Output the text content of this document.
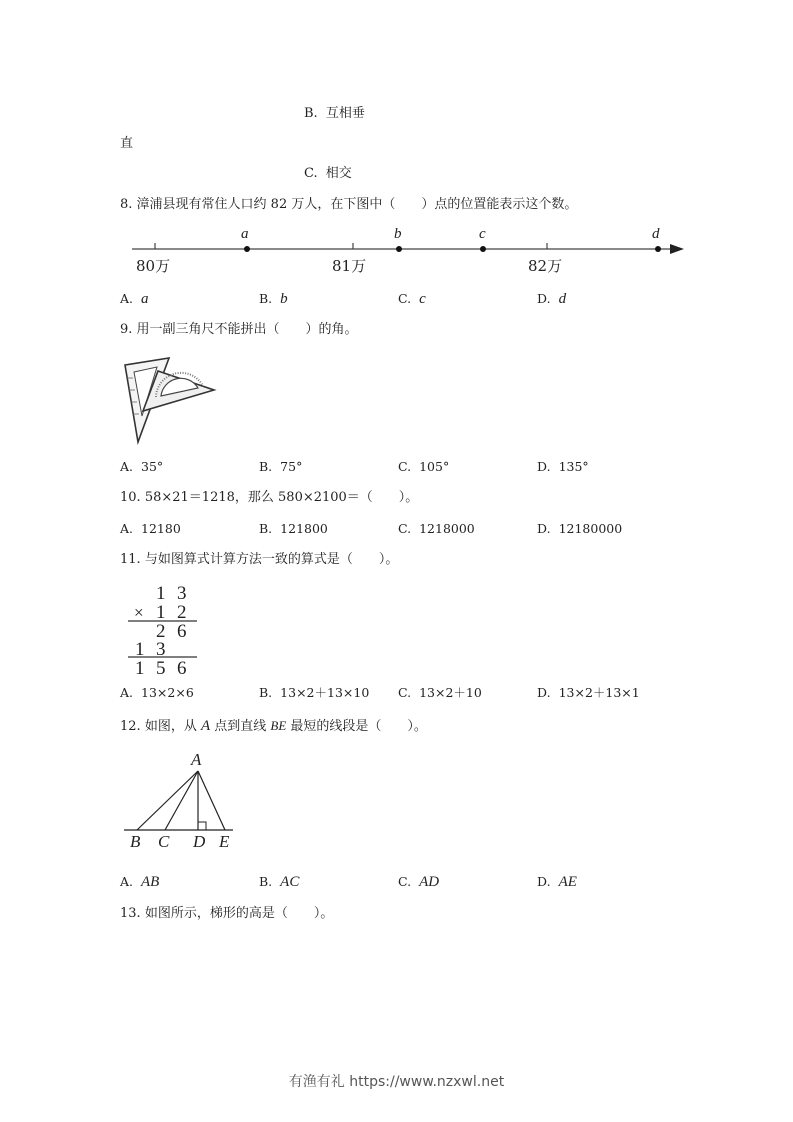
B. 互相垂
直
C. 相交
8. 漳浦县现有常住人口约 82 万人，在下图中（　　）点的位置能表示这个数。
a	b	c	d
80万	81万	82万
A. a	B. b	C. c	D. d
9. 用一副三角尺不能拼出（　　）的角。
A. 35°	B. 75°	C. 105°	D. 135°
10. 58×21＝1218，那么 580×2100＝（　　）。
A. 12180	B. 121800	C. 1218000	D. 12180000
11. 与如图算式计算方法一致的算式是（　　）。
1 3
× 1 2
2 6
1 3
1 5 6
A. 13×2×6	B. 13×2＋13×10 C. 13×2＋10	D. 13×2＋13×1
12. 如图，从 A 点到直线 BE 最短的线段是（　　）。
A
B C D E
A. AB	B. AC	C. AD	D. AE
13. 如图所示，梯形的高是（　　）。
有渔有礼 https://www.nzxwl.net
